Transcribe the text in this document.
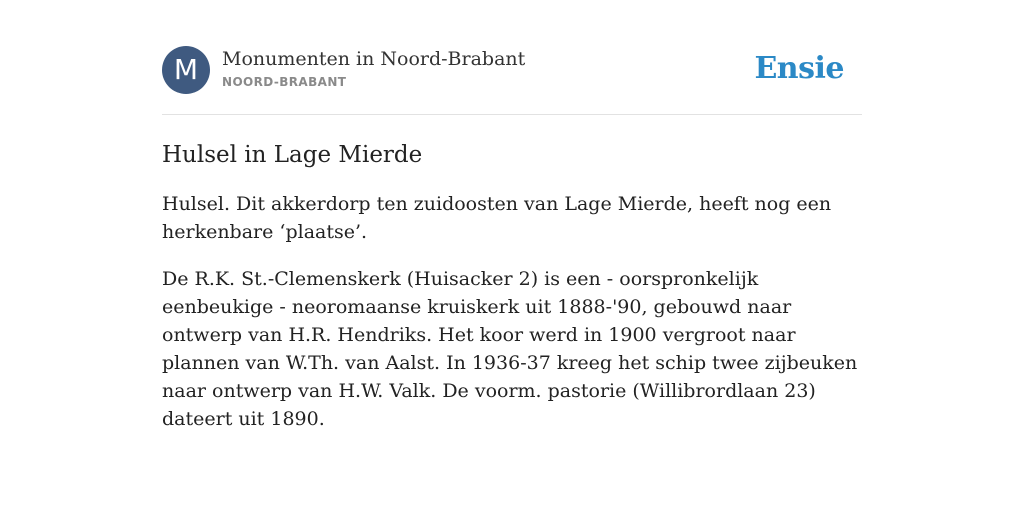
M	Monumenten in Noord-Brabant
NOORD-BRABANT	Ensie
Hulsel in Lage Mierde

Hulsel. Dit akkerdorp ten zuidoosten van Lage Mierde, heeft nog een herkenbare ‘plaatse’.

De R.K. St.-Clemenskerk (Huisacker 2) is een - oorspronkelijk eenbeukige - neoromaanse kruiskerk uit 1888-'90, gebouwd naar ontwerp van H.R. Hendriks. Het koor werd in 1900 vergroot naar plannen van W.Th. van Aalst. In 1936-37 kreeg het schip twee zijbeuken naar ontwerp van H.W. Valk. De voorm. pastorie (Willibrordlaan 23) dateert uit 1890.
